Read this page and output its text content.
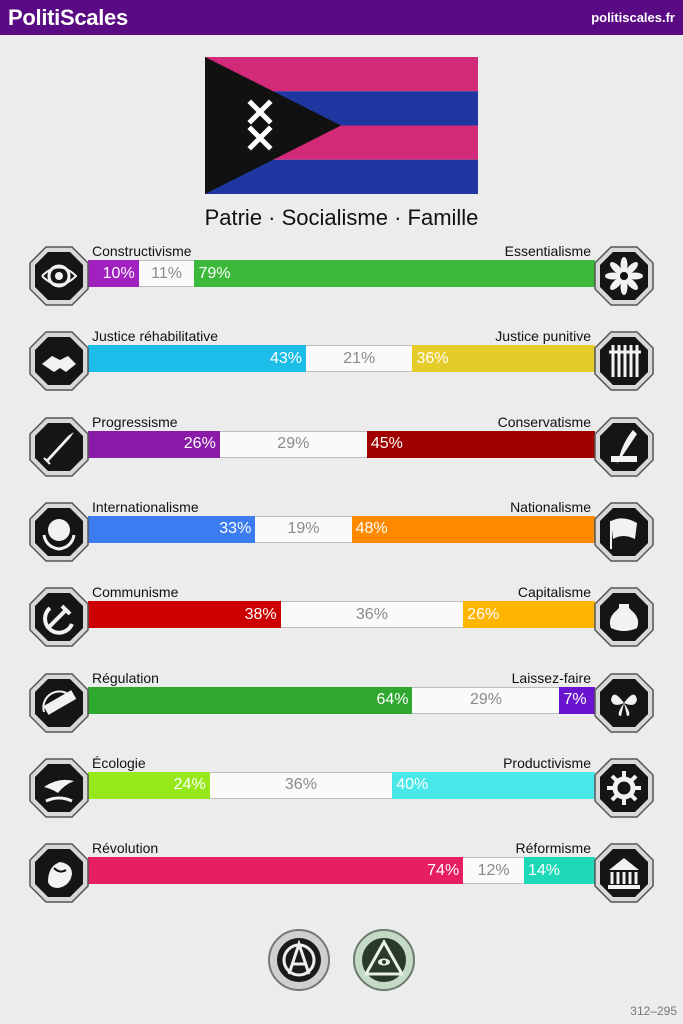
PolitiScales	politiscales.fr
Patrie · Socialisme · Famille
Constructivisme	Essentialisme
10% 11% 79%
Justice réhabilitative	Justice punitive
43%	21%	36%
Progressisme	Conservatisme
26%	29%	45%
Internationalisme	Nationalisme
33% 19% 48%
Communisme	Capitalisme
38%	36%	26%
Régulation	Laissez-faire
64%	29%	7%
Écologie	Productivisme
24%	36%	40%
Révolution	Réformisme
74% 12% 14%
312–295
